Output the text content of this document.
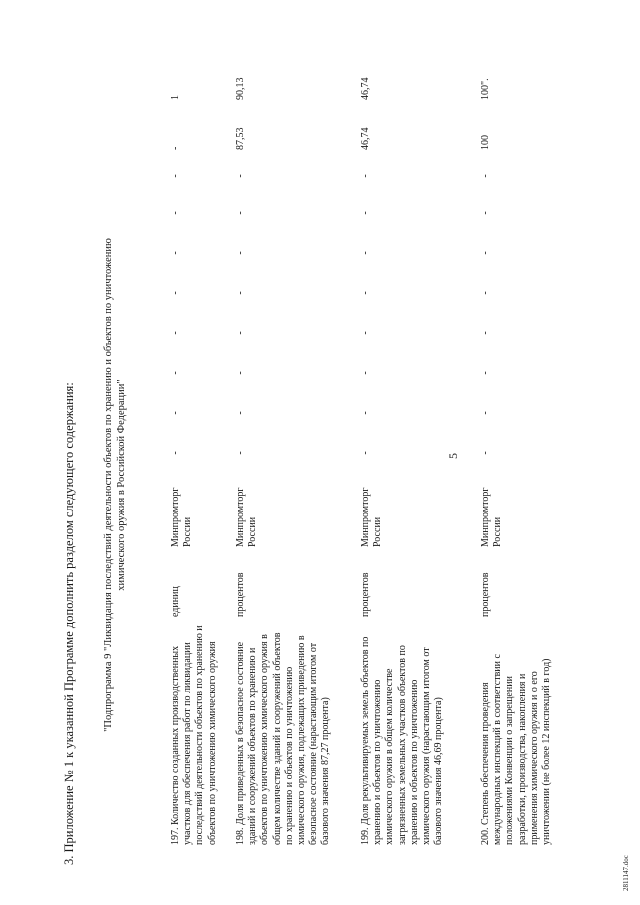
5
3. Приложение № 1 к указанной Программе дополнить разделом следующего содержания:	"Подпрограмма 9 "Ликвидация последствий деятельности объектов по хранению и объектов по уничтожению химического оружия в Российской Федерации"
197. Количество созданных производственных участков для обеспечения работ по ликвидации последствий деятельности объектов по хранению и объектов по уничтожению химического оружия
единиц
Минпромторг России
-
-
-
-
-
-
-
-
-
1
198. Доля приведенных в безопасное состояние зданий и сооружений объектов по хранению и объектов по уничтожению химического оружия в общем количестве зданий и сооружений объектов по хранению и объектов по уничтожению химического оружия, подлежащих приведению в безопасное состояние (нарастающим итогом от базового значения 87,27 процента)
процентов
Минпромторг России
-
-
-
-
-
-
-
-
87,53
90,13
199. Доля рекультивируемых земель объектов по хранению и объектов по уничтожению химического оружия в общем количестве загрязненных земельных участков объектов по хранению и объектов по уничтожению химического оружия (нарастающим итогом от базового значения 46,69 процента)
процентов
Минпромторг России
-
-
-
-
-
-
-
-
46,74
46,74
200. Степень обеспечения проведения международных инспекций в соответствии с положениями Конвенции о запрещении разработки, производства, накопления и применения химического оружия и о его уничтожении (не более 12 инспекций в год)
процентов
Минпромторг России
-
-
-
-
-
-
-
-
100
100".
2811147.doc
